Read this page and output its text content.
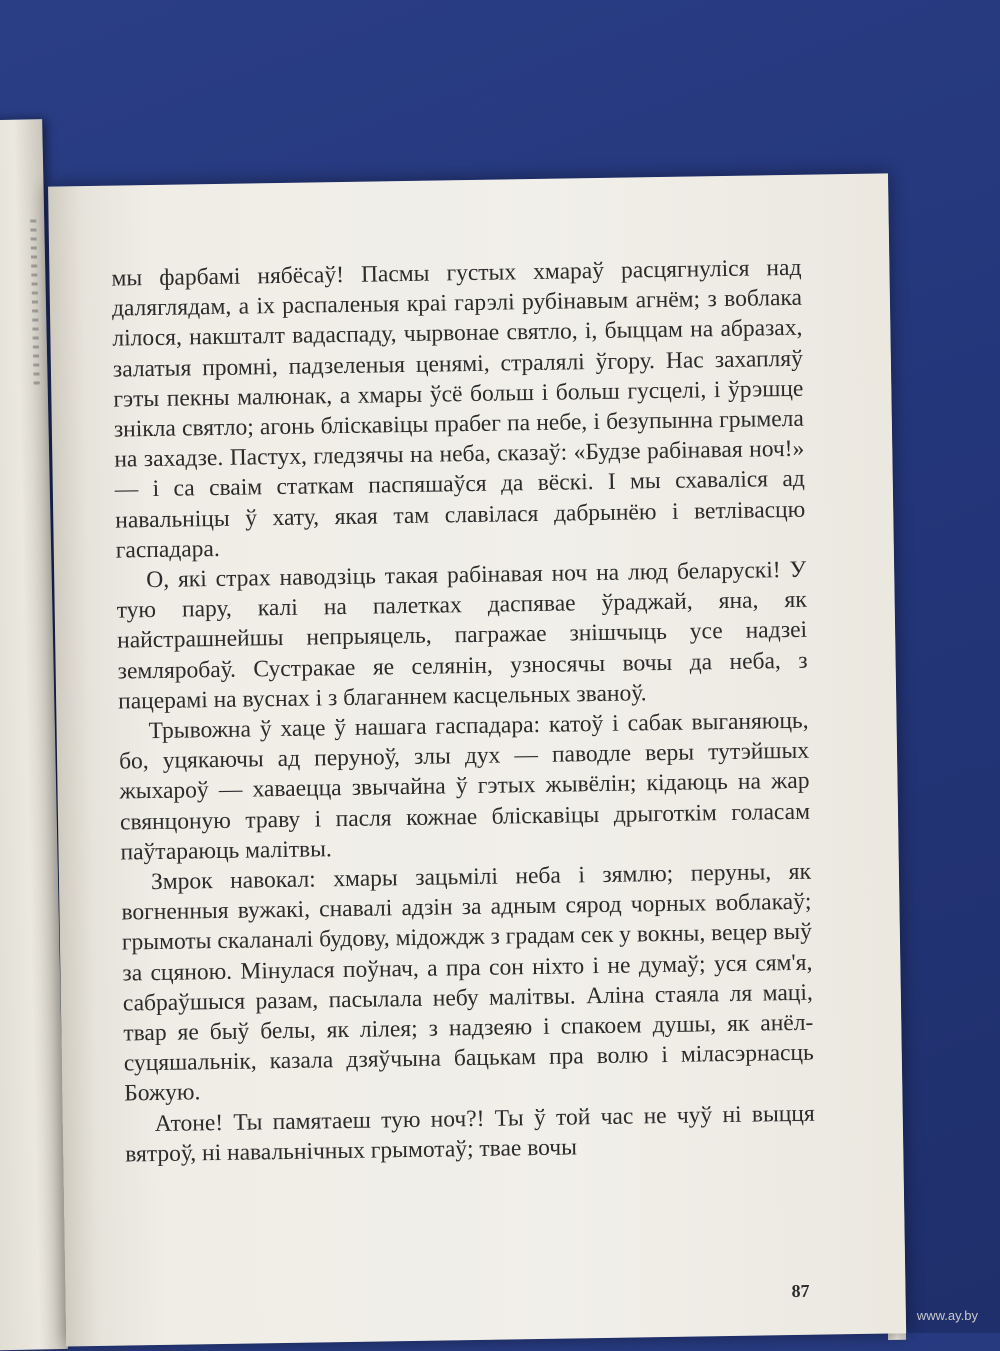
мы фарбамі нябёсаў! Пасмы густых хмараў расцягнуліся над даляглядам, а іх распаленыя краі гарэлі рубінавым агнём; з воблака лілося, накшталт вадаспаду, чырвонае святло, і, быццам на абразах, залатыя промні, падзеленыя ценямі, стралялі ўгору. Нас захапляў гэты пекны малюнак, а хмары ўсё больш і больш гусцелі, і ўрэшце знікла святло; агонь бліскавіцы прабег па небе, і безупынна грымела на захадзе. Пастух, гледзячы на неба, сказаў: «Будзе рабінавая ноч!» — і са сваім статкам паспяшаўся да вёскі. І мы схаваліся ад навальніцы ў хату, якая там славілася дабрынёю і ветлівасцю гаспадара.

О, які страх наводзіць такая рабінавая ноч на люд беларускі! У тую пару, калі на палетках даспявае ўраджай, яна, як найстрашнейшы непрыяцель, пагражае знішчыць усе надзеі земляробаў. Сустракае яе селянін, узносячы вочы да неба, з пацерамі на вуснах і з благаннем касцельных званоў.

Трывожна ў хаце ў нашага гаспадара: катоў і сабак выганяюць, бо, уцякаючы ад перуноў, злы дух — паводле веры тутэйшых жыхароў — хаваецца звычайна ў гэтых жывёлін; кідаюць на жар свянцоную траву і пасля кожнае бліскавіцы дрыготкім голасам паўтараюць малітвы.

Змрок навокал: хмары зацьмілі неба і зямлю; перуны, як вогненныя вужакі, снавалі адзін за адным сярод чорных воблакаў; грымоты скаланалі будову, мідождж з градам сек у вокны, вецер выў за сцяною. Мінулася поўнач, а пра сон ніхто і не думаў; уся сям'я, сабраўшыся разам, пасылала небу малітвы. Аліна стаяла ля маці, твар яе быў белы, як лілея; з надзеяю і спакоем душы, як анёл-суцяшальнік, казала дзяўчына бацькам пра волю і міласэрнасць Божую.

Атоне! Ты памятаеш тую ноч?! Ты ў той час не чуў ні выцця вятроў, ні навальнічных грымотаў; твае вочы

87
www.ay.by
